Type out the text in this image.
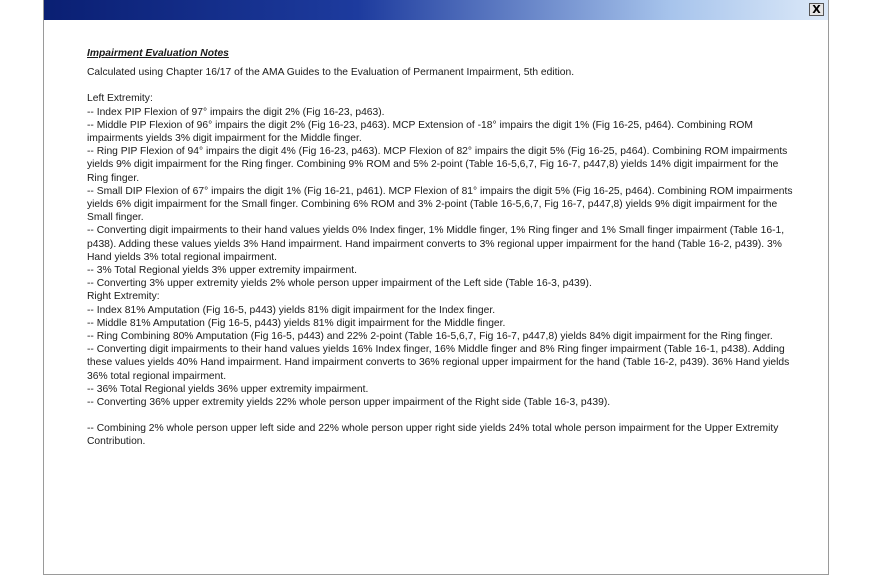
X

Impairment Evaluation Notes

Calculated using Chapter 16/17 of the AMA Guides to the Evaluation of Permanent Impairment, 5th edition.

Left Extremity:

-- Index PIP Flexion of 97° impairs the digit 2% (Fig 16-23, p463).

-- Middle PIP Flexion of 96° impairs the digit 2% (Fig 16-23, p463). MCP Extension of -18° impairs the digit 1% (Fig 16-25, p464). Combining ROM impairments yields 3% digit impairment for the Middle finger.

-- Ring PIP Flexion of 94° impairs the digit 4% (Fig 16-23, p463). MCP Flexion of 82° impairs the digit 5% (Fig 16-25, p464). Combining ROM impairments yields 9% digit impairment for the Ring finger. Combining 9% ROM and 5% 2-point (Table 16-5,6,7, Fig 16-7, p447,8) yields 14% digit impairment for the Ring finger.

-- Small DIP Flexion of 67° impairs the digit 1% (Fig 16-21, p461). MCP Flexion of 81° impairs the digit 5% (Fig 16-25, p464). Combining ROM impairments yields 6% digit impairment for the Small finger. Combining 6% ROM and 3% 2-point (Table 16-5,6,7, Fig 16-7, p447,8) yields 9% digit impairment for the Small finger.

-- Converting digit impairments to their hand values yields 0% Index finger, 1% Middle finger, 1% Ring finger and 1% Small finger impairment (Table 16-1, p438). Adding these values yields 3% Hand impairment. Hand impairment converts to 3% regional upper impairment for the hand (Table 16-2, p439). 3% Hand yields 3% total regional impairment.

-- 3% Total Regional yields 3% upper extremity impairment.

-- Converting 3% upper extremity yields 2% whole person upper impairment of the Left side (Table 16-3, p439).

Right Extremity:

-- Index 81% Amputation (Fig 16-5, p443) yields 81% digit impairment for the Index finger.

-- Middle 81% Amputation (Fig 16-5, p443) yields 81% digit impairment for the Middle finger.

-- Ring Combining 80% Amputation (Fig 16-5, p443) and 22% 2-point (Table 16-5,6,7, Fig 16-7, p447,8) yields 84% digit impairment for the Ring finger.

-- Converting digit impairments to their hand values yields 16% Index finger, 16% Middle finger and 8% Ring finger impairment (Table 16-1, p438). Adding these values yields 40% Hand impairment. Hand impairment converts to 36% regional upper impairment for the hand (Table 16-2, p439). 36% Hand yields 36% total regional impairment.

-- 36% Total Regional yields 36% upper extremity impairment.

-- Converting 36% upper extremity yields 22% whole person upper impairment of the Right side (Table 16-3, p439).

-- Combining 2% whole person upper left side and 22% whole person upper right side yields 24% total whole person impairment for the Upper Extremity Contribution.
